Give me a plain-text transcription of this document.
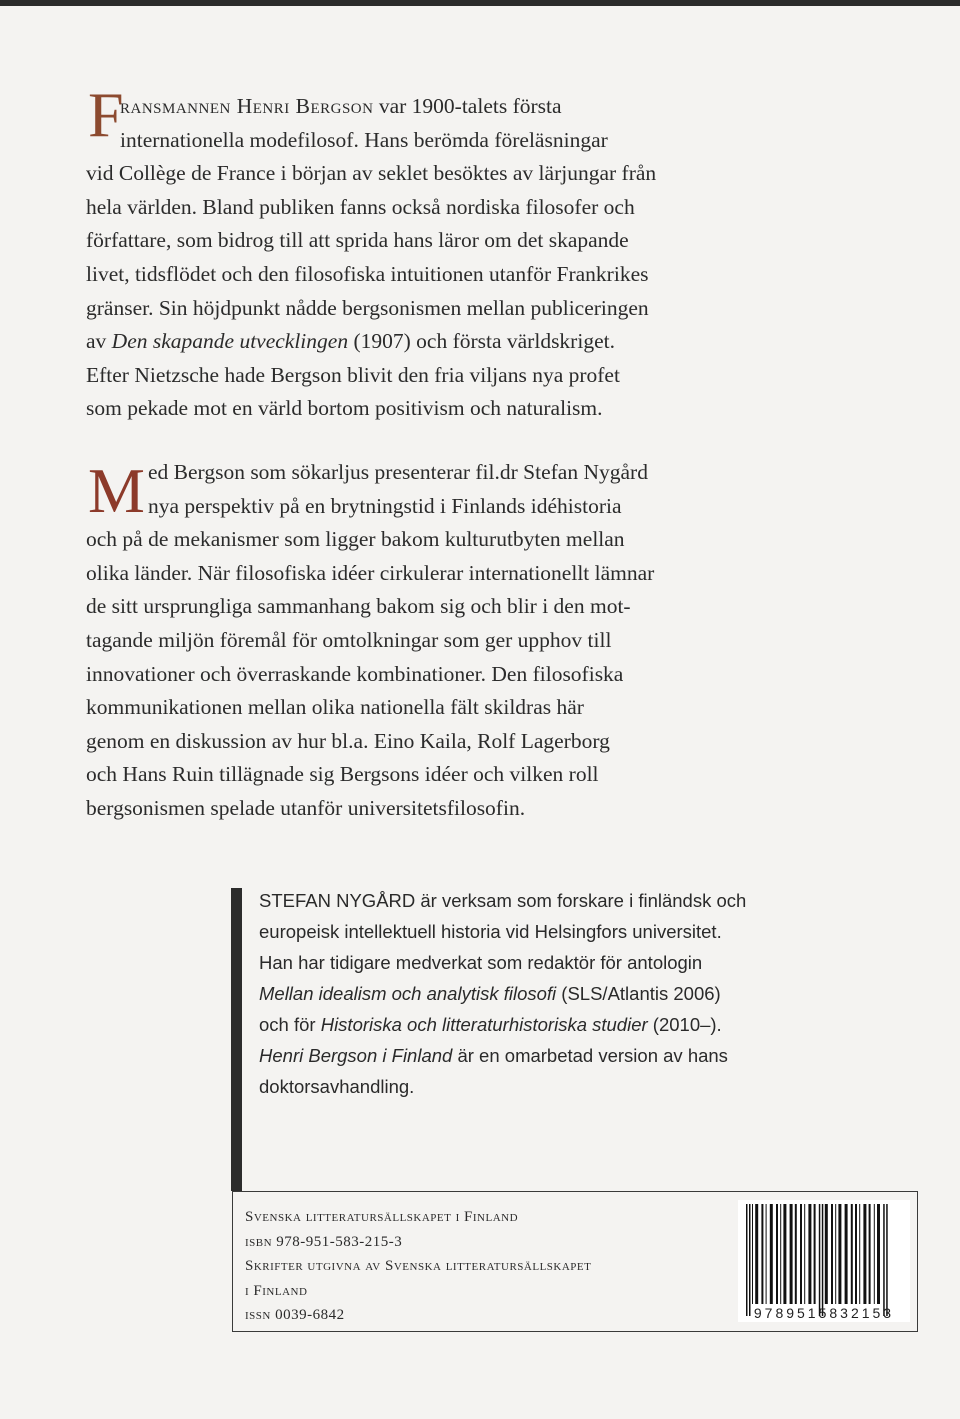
F
ransmannen Henri Bergson var 1900-talets första
internationella modefilosof. Hans berömda föreläsningar
vid Collège de France i början av seklet besöktes av lärjungar från
hela världen. Bland publiken fanns också nordiska filosofer och
författare, som bidrog till att sprida hans läror om det skapande
livet, tidsflödet och den filosofiska intuitionen utanför Frankrikes
gränser. Sin höjdpunkt nådde bergsonismen mellan publiceringen
av Den skapande utvecklingen (1907) och första världskriget.
Efter Nietzsche hade Bergson blivit den fria viljans nya profet
som pekade mot en värld bortom positivism och naturalism.
M ed Bergson som sökarljus presenterar fil.dr Stefan Nygård
nya perspektiv på en brytningstid i Finlands idéhistoria
och på de mekanismer som ligger bakom kulturutbyten mellan
olika länder. När filosofiska idéer cirkulerar internationellt lämnar
de sitt ursprungliga sammanhang bakom sig och blir i den mot-
tagande miljön föremål för omtolkningar som ger upphov till
innovationer och överraskande kombinationer. Den filosofiska
kommunikationen mellan olika nationella fält skildras här
genom en diskussion av hur bl.a. Eino Kaila, Rolf Lagerborg
och Hans Ruin tillägnade sig Bergsons idéer och vilken roll
bergsonismen spelade utanför universitetsfilosofin.
STEFAN NYGÅRD är verksam som forskare i finländsk och
europeisk intellektuell historia vid Helsingfors universitet.
Han har tidigare medverkat som redaktör för antologin
Mellan idealism och analytisk filosofi (SLS/Atlantis 2006)
och för Historiska och litteraturhistoriska studier (2010–).
Henri Bergson i Finland är en omarbetad version av hans
doktorsavhandling.
Svenska litteratursällskapet i Finland
isbn 978-951-583-215-3
Skrifter utgivna av Svenska litteratursällskapet
i Finland
issn 0039-6842	9789515832153
